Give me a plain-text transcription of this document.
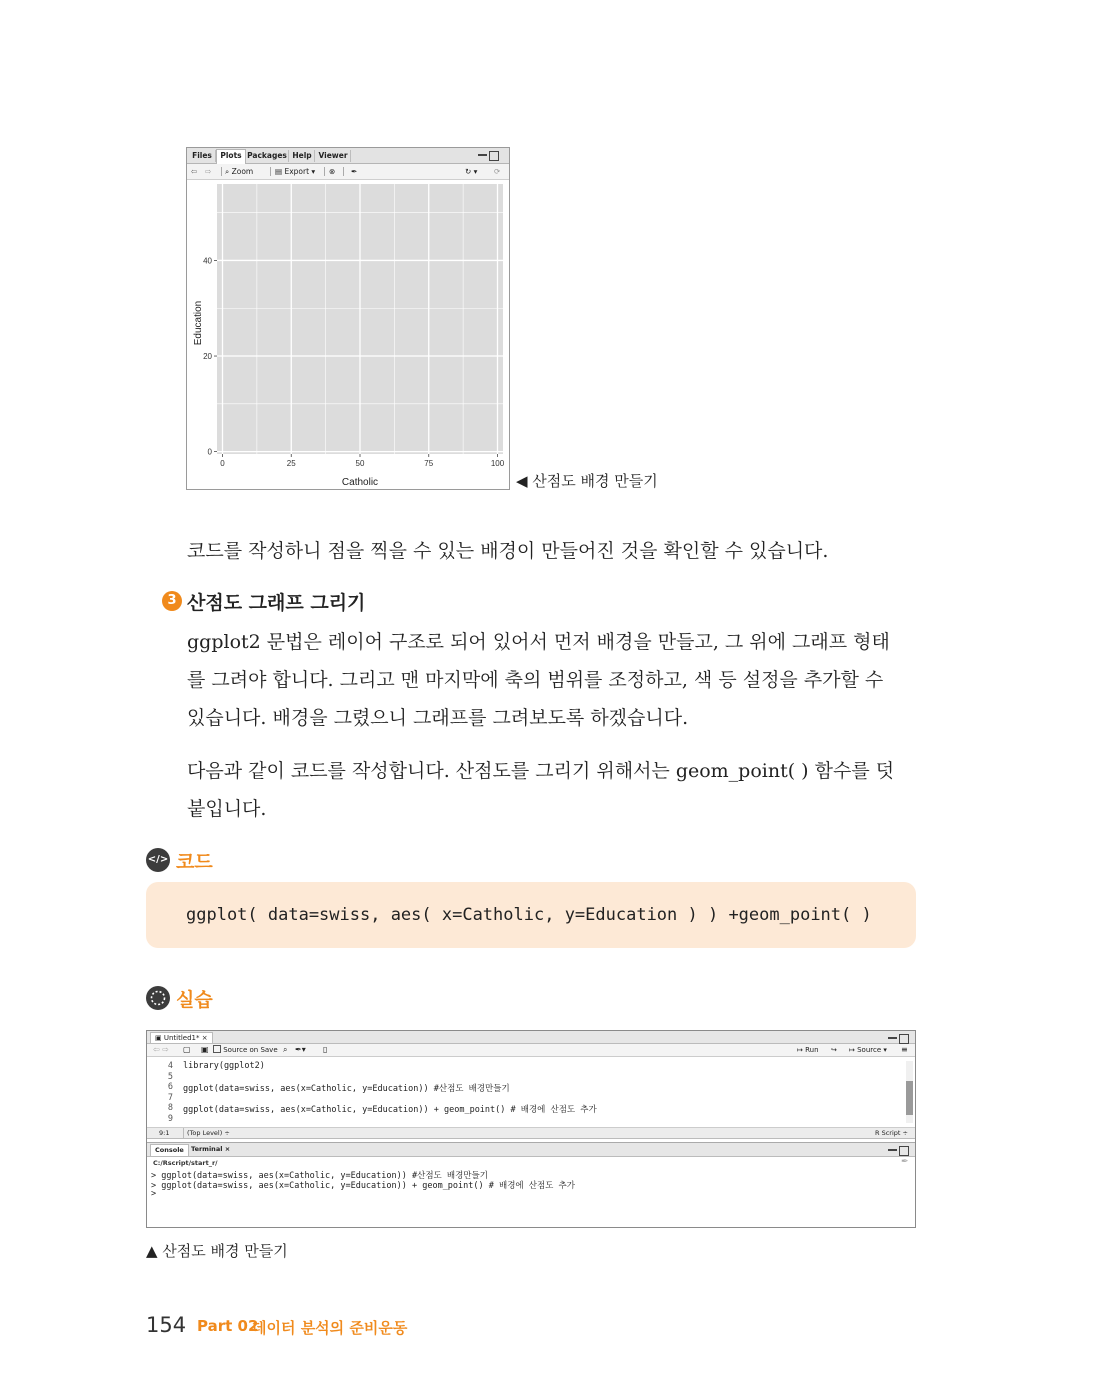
Files	Plots Packages Help Viewer
⇦ ⇨ ⌕ Zoom	▤ Export ▾ ⊗ ✒	↻ ▾ ⟳
0	25	50	75	100
0
20
40
Catholic
Education
◀ 산점도 배경 만들기
코드를 작성하니 점을 찍을 수 있는 배경이 만들어진 것을 확인할 수 있습니다.
3 산점도 그래프 그리기
ggplot2 문법은 레이어 구조로 되어 있어서 먼저 배경을 만들고, 그 위에 그래프 형태
를 그려야 합니다. 그리고 맨 마지막에 축의 범위를 조정하고, 색 등 설정을 추가할 수
있습니다. 배경을 그렸으니 그래프를 그려보도록 하겠습니다.
다음과 같이 코드를 작성합니다. 산점도를 그리기 위해서는 geom_point( ) 함수를 덧
붙입니다.
</> 코드
ggplot( data=swiss, aes( x=Catholic, y=Education ) ) +geom_point( )
실습
▣ Untitled1* ×
⇦ ⇨ ▢ ▣	Source on Save ⌕ ✒▾ ▯	↦ Run ↪ ↦ Source ▾ ≡
4 library(ggplot2)
5
6 ggplot(data=swiss, aes(x=Catholic, y=Education)) #산점도 배경만들기
7
8 ggplot(data=swiss, aes(x=Catholic, y=Education)) + geom_point() # 배경에 산점도 추가
9
9:1	(Top Level) ÷	R Script ÷
Console	Terminal ×
C:/Rscript/start_r/	✒
> ggplot(data=swiss, aes(x=Catholic, y=Education)) #산점도 배경만들기
> ggplot(data=swiss, aes(x=Catholic, y=Education)) + geom_point() # 배경에 산점도 추가
>
▲ 산점도 배경 만들기
154 Part 02
데이터 분석의 준비운동
